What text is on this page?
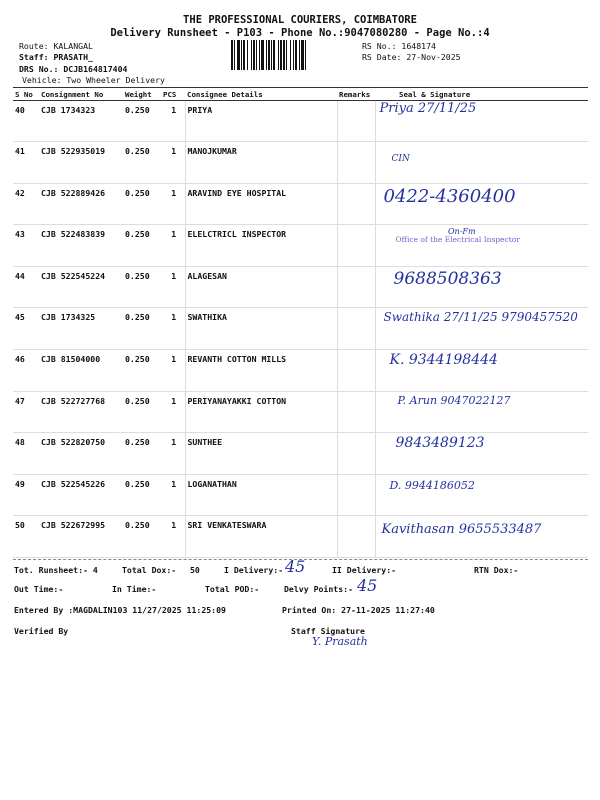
THE PROFESSIONAL COURIERS, COIMBATORE
Delivery Runsheet - P103 - Phone No.:9047080280 - Page No.:4
Route: KALANGAL
Staff: PRASATH_
DRS No.: DCJB164817404
Vehicle: Two Wheeler Delivery
RS No.: 1648174
RS Date: 27-Nov-2025
S No	Consignment No	Weight	PCS	Consignee Details	Remarks	Seal & Signature
40	CJB 1734323	0.250	1	PRIYA		Priya 27/11/25

41	CJB 522935019	0.250	1	MANOJKUMAR		CIN

42	CJB 522889426	0.250	1	ARAVIND EYE HOSPITAL		0422-4360400

43	CJB 522483839	0.250	1	ELELCTRICL INSPECTOR		Office of the Electrical Inspector

44	CJB 522545224	0.250	1	ALAGESAN		9688508363

45	CJB 1734325	0.250	1	SWATHIKA		Swathika 27/11/25 9790457520

46	CJB 81504000	0.250	1	REVANTH COTTON MILLS		K. 9344198444

47	CJB 522727768	0.250	1	PERIYANAYAKKI COTTON		P. Arun 9047022127

48	CJB 522820750	0.250	1	SUNTHEE		9843489123

49	CJB 522545226	0.250	1	LOGANATHAN		D. 9944186052

50	CJB 522672995	0.250	1	SRI VENKATESWARA		Kavithasan 9655533487
On-Fm
Tot. Runsheet:- 4	Total Dox:- 50	I Delivery:- 45	II Delivery:-	RTN Dox:-
Out Time:-	In Time:-	Total POD:-	Delvy Points:- 45
Entered By :MAGDALIN103 11/27/2025 11:25:09	Printed On: 27-11-2025 11:27:40
Verified By	Staff Signature
Y. Prasath
